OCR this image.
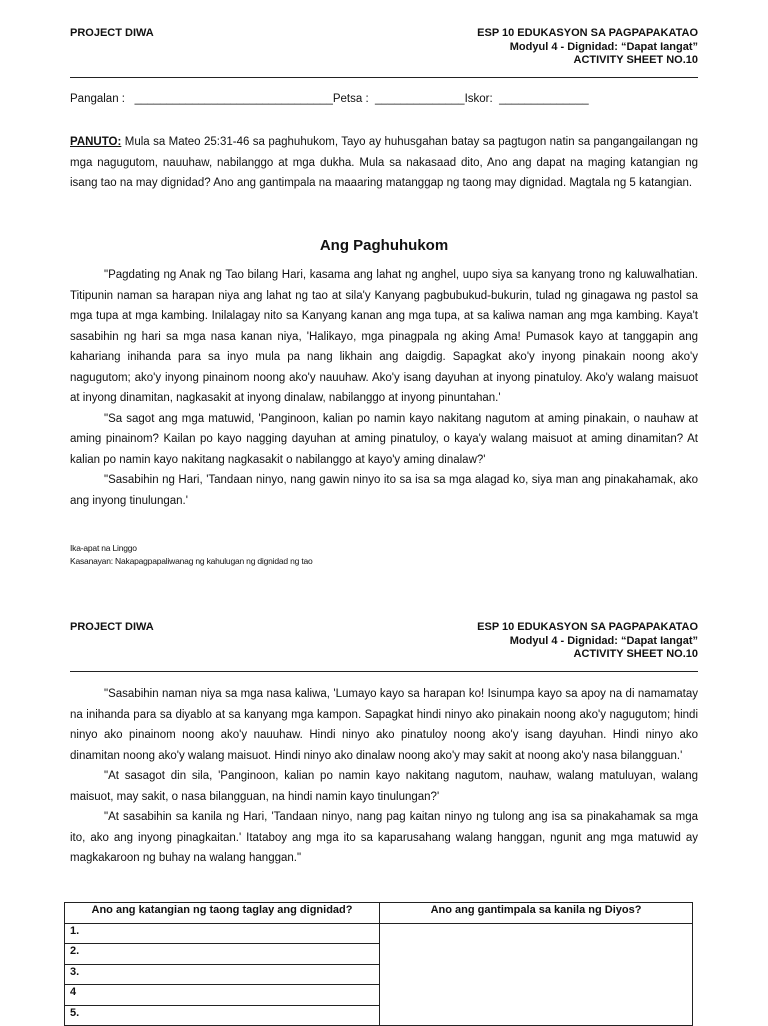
PROJECT DIWA	ESP 10 EDUKASYON SA PAGPAPAKATAO
Modyul 4 - Dignidad: “Dapat Iangat”
ACTIVITY SHEET NO.10
Pangalan :   _______________________________Petsa :  ______________Iskor:  ______________
PANUTO: Mula sa Mateo 25:31-46 sa paghuhukom, Tayo ay huhusgahan batay sa pagtugon natin sa pangangailangan ng mga nagugutom, nauuhaw, nabilanggo at mga dukha. Mula sa nakasaad dito, Ano ang dapat na maging katangian ng isang tao na may dignidad? Ano ang gantimpala na maaaring matanggap ng taong may dignidad. Magtala ng 5 katangian.
Ang Paghuhukom

"Pagdating ng Anak ng Tao bilang Hari, kasama ang lahat ng anghel, uupo siya sa kanyang trono ng kaluwalhatian. Titipunin naman sa harapan niya ang lahat ng tao at sila'y Kanyang pagbubukud-bukurin, tulad ng ginagawa ng pastol sa mga tupa at mga kambing. Inilalagay nito sa Kanyang kanan ang mga tupa, at sa kaliwa naman ang mga kambing. Kaya't sasabihin ng hari sa mga nasa kanan niya, 'Halikayo, mga pinagpala ng aking Ama! Pumasok kayo at tanggapin ang kahariang inihanda para sa inyo mula pa nang likhain ang daigdig. Sapagkat ako'y inyong pinakain noong ako'y nagugutom; ako'y inyong pinainom noong ako'y nauuhaw. Ako'y isang dayuhan at inyong pinatuloy. Ako'y walang maisuot at inyong dinamitan, nagkasakit at inyong dinalaw, nabilanggo at inyong pinuntahan.'

"Sa sagot ang mga matuwid, 'Panginoon, kalian po namin kayo nakitang nagutom at aming pinakain, o nauhaw at aming pinainom? Kailan po kayo nagging dayuhan at aming pinatuloy, o kaya'y walang maisuot at aming dinamitan? At kalian po namin kayo nakitang nagkasakit o nabilanggo at kayo'y aming dinalaw?'

"Sasabihin ng Hari, 'Tandaan ninyo, nang gawin ninyo ito sa isa sa mga alagad ko, siya man ang pinakahamak, ako ang inyong tinulungan.'

Ika-apat na Linggo
Kasanayan: Nakapagpapaliwanag ng kahulugan ng dignidad ng tao
PROJECT DIWA	ESP 10 EDUKASYON SA PAGPAPAKATAO
Modyul 4 - Dignidad: “Dapat Iangat”
ACTIVITY SHEET NO.10

"Sasabihin naman niya sa mga nasa kaliwa, 'Lumayo kayo sa harapan ko! Isinumpa kayo sa apoy na di namamatay na inihanda para sa diyablo at sa kanyang mga kampon. Sapagkat hindi ninyo ako pinakain noong ako'y nagugutom; hindi ninyo ako pinainom noong ako'y nauuhaw. Hindi ninyo ako pinatuloy noong ako'y isang dayuhan. Hindi ninyo ako dinamitan noong ako'y walang maisuot. Hindi ninyo ako dinalaw noong ako'y may sakit at noong ako'y nasa bilangguan.'

"At sasagot din sila, 'Panginoon, kalian po namin kayo nakitang nagutom, nauhaw, walang matuluyan, walang maisuot, may sakit, o nasa bilangguan, na hindi namin kayo tinulungan?'

"At sasabihin sa kanila ng Hari, 'Tandaan ninyo, nang pag kaitan ninyo ng tulong ang isa sa pinakahamak sa mga ito, ako ang inyong pinagkaitan.' Itataboy ang mga ito sa kaparusahang walang hanggan, ngunit ang mga matuwid ay magkakaroon ng buhay na walang hanggan."

Ano ang katangian ng taong taglay ang dignidad?	Ano ang gantimpala sa kanila ng Diyos?
1.	
2.	
3.	
4	
5.	
